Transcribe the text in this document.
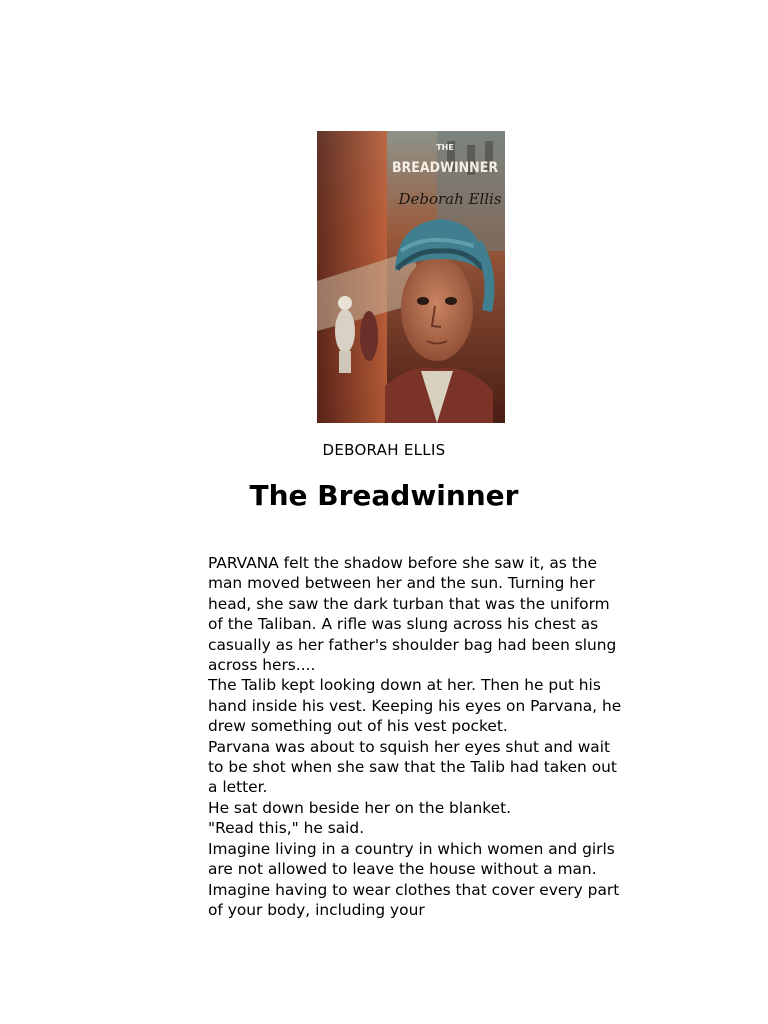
THE
BREADWINNER
Deborah Ellis
DEBORAH ELLIS
The Breadwinner

PARVANA felt the shadow before she saw it, as the man moved between her and the sun. Turning her head, she saw the dark turban that was the uniform of the Taliban. A rifle was slung across his chest as casually as her father's shoulder bag had been slung across hers....

The Talib kept looking down at her. Then he put his hand inside his vest. Keeping his eyes on Parvana, he drew something out of his vest pocket.

Parvana was about to squish her eyes shut and wait to be shot when she saw that the Talib had taken out a letter.

He sat down beside her on the blanket.

"Read this," he said.

Imagine living in a country in which women and girls are not allowed to leave the house without a man. Imagine having to wear clothes that cover every part of your body, including your
